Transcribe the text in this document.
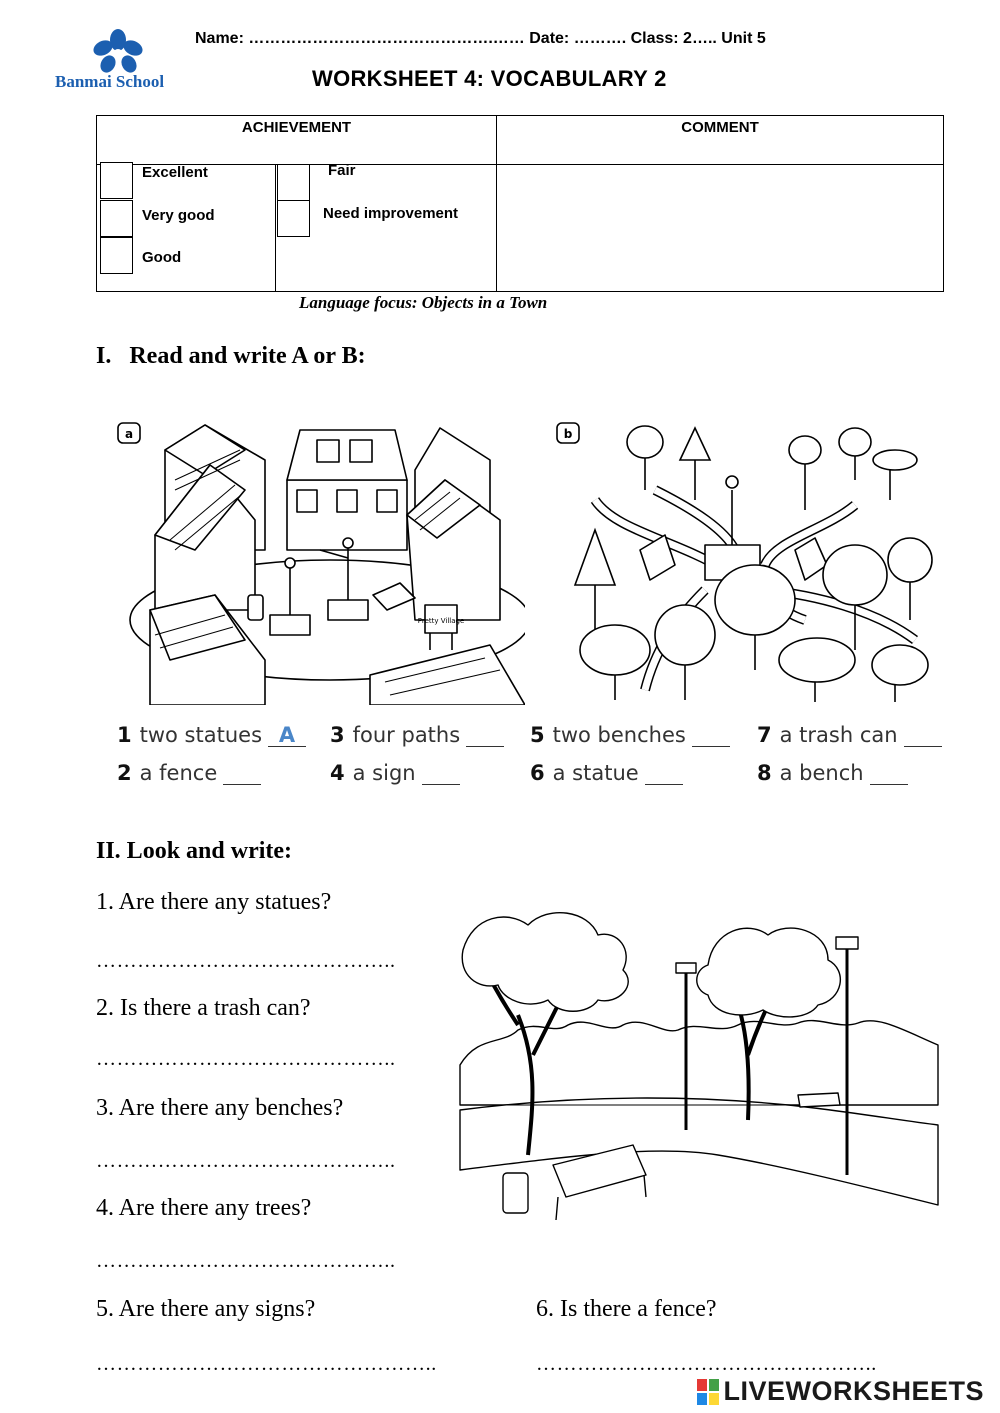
Banmai School
Name: ……………………………………….…… Date: ………. Class: 2….. Unit 5
WORKSHEET 4: VOCABULARY 2
ACHIEVEMENT		COMMENT

Excellent
Very good
Good
Fair
Need improvement
Language focus: Objects in a Town
I.   Read and write A or B:
a
Pretty Village
b
1 two statues A
2 a fence
3 four paths
4 a sign
5 two benches
6 a statue
7 a trash can
8 a bench
II. Look and write:
1. Are there any statues?
……………………………………..
2. Is there a trash can?
……………………………………..
3. Are there any benches?
……………………………………..
4. Are there any trees?
……………………………………..
5. Are there any signs?
…………………………………………..
6. Is there a fence?
…………………………………………..
LIVEWORKSHEETS
